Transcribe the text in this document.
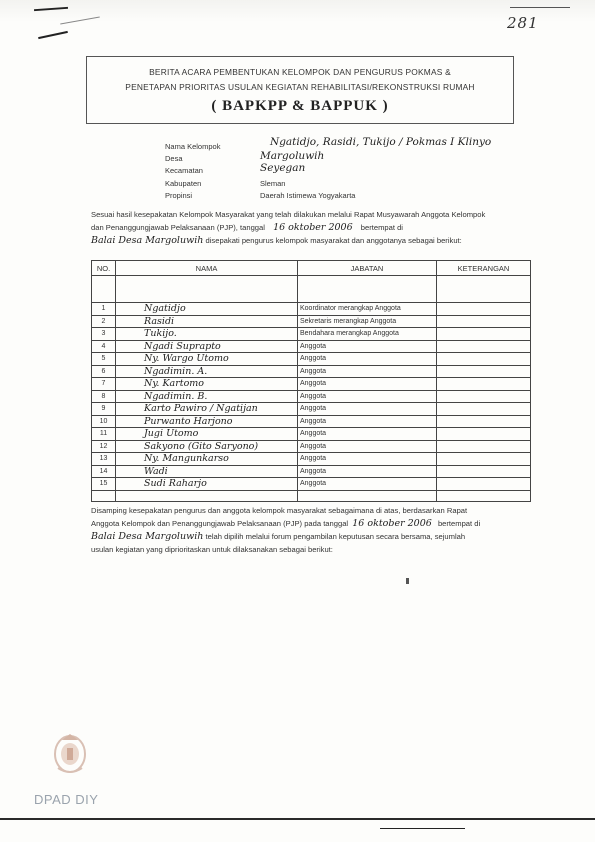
281
BERITA ACARA PEMBENTUKAN KELOMPOK DAN PENGURUS POKMAS &
PENETAPAN PRIORITAS USULAN KEGIATAN REHABILITASI/REKONSTRUKSI RUMAH
( BAPKPP & BAPPUK )
Nama Kelompok	Ngatidjo, Rasidi, Tukijo / Pokmas I Klinyo
Desa	Margoluwih
Kecamatan	Seyegan
Kabupaten	Sleman
Propinsi	Daerah Istimewa Yogyakarta
Sesuai hasil kesepakatan Kelompok Masyarakat yang telah dilakukan melalui Rapat Musyawarah Anggota Kelompok
dan Penanggungjawab Pelaksanaan (PJP), tanggal 16 oktober 2006 bertempat di
Balai Desa Margoluwih disepakati pengurus kelompok masyarakat dan anggotanya sebagai berikut:
NO.	NAMA	JABATAN	KETERANGAN

1	Ngatidjo	Koordinator merangkap Anggota	
2	Rasidi	Sekretaris merangkap Anggota	
3	Tukijo.	Bendahara merangkap Anggota	
4	Ngadi Suprapto	Anggota	
5	Ny. Wargo Utomo	Anggota	
6	Ngadimin. A.	Anggota	
7	Ny. Kartomo	Anggota	
8	Ngadimin. B.	Anggota	
9	Karto Pawiro / Ngatijan	Anggota	
10	Purwanto Harjono	Anggota	
11	Jugi Utomo	Anggota	
12	Sakyono (Gito Saryono)	Anggota	
13	Ny. Mangunkarso	Anggota	
14	Wadi	Anggota	
15	Sudi Raharjo	Anggota	

Disamping kesepakatan pengurus dan anggota kelompok masyarakat sebagaimana di atas, berdasarkan Rapat
Anggota Kelompok dan Penanggungjawab Pelaksanaan (PJP) pada tanggal 16 oktober 2006 bertempat di
Balai Desa Margoluwih telah dipilih melalui forum pengambilan keputusan secara bersama, sejumlah
usulan kegiatan yang diprioritaskan untuk dilaksanakan sebagai berikut:
DPAD DIY
